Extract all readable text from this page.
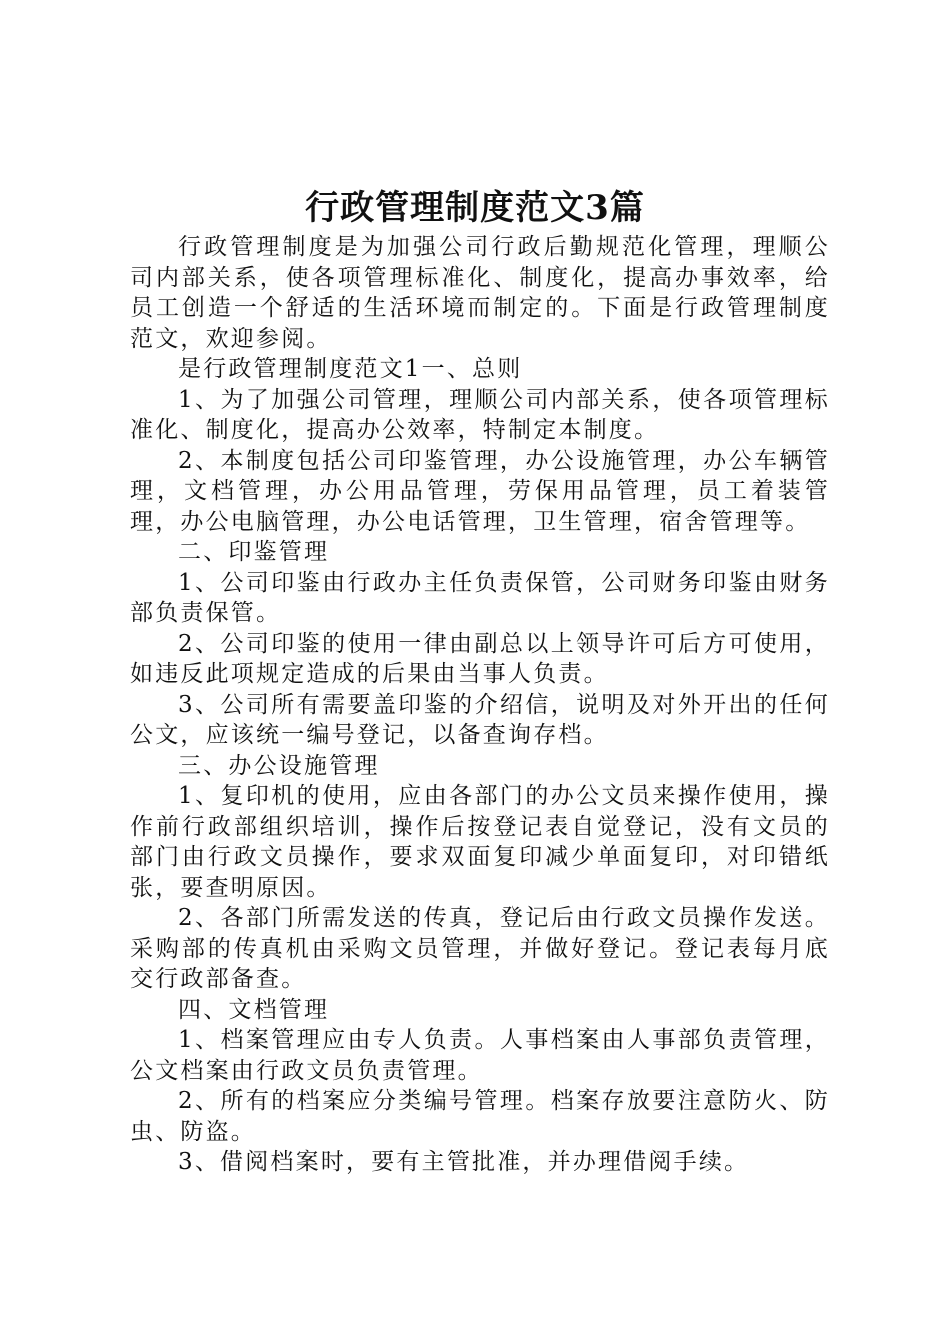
行政管理制度范文3篇

行政管理制度是为加强公司行政后勤规范化管理，理顺公司内部关系，使各项管理标准化、制度化，提高办事效率，给员工创造一个舒适的生活环境而制定的。下面是行政管理制度范文，欢迎参阅。

是行政管理制度范文1一、总则

1、为了加强公司管理，理顺公司内部关系，使各项管理标准化、制度化，提高办公效率，特制定本制度。

2、本制度包括公司印鉴管理，办公设施管理，办公车辆管理，文档管理，办公用品管理，劳保用品管理，员工着装管理，办公电脑管理，办公电话管理，卫生管理，宿舍管理等。

二、印鉴管理

1、公司印鉴由行政办主任负责保管，公司财务印鉴由财务部负责保管。

2、公司印鉴的使用一律由副总以上领导许可后方可使用，如违反此项规定造成的后果由当事人负责。

3、公司所有需要盖印鉴的介绍信，说明及对外开出的任何公文，应该统一编号登记，以备查询存档。

三、办公设施管理

1、复印机的使用，应由各部门的办公文员来操作使用，操作前行政部组织培训，操作后按登记表自觉登记，没有文员的部门由行政文员操作，要求双面复印减少单面复印，对印错纸张，要查明原因。

2、各部门所需发送的传真，登记后由行政文员操作发送。采购部的传真机由采购文员管理，并做好登记。登记表每月底交行政部备查。

四、文档管理

1、档案管理应由专人负责。人事档案由人事部负责管理，公文档案由行政文员负责管理。

2、所有的档案应分类编号管理。档案存放要注意防火、防虫、防盗。

3、借阅档案时，要有主管批准，并办理借阅手续。
